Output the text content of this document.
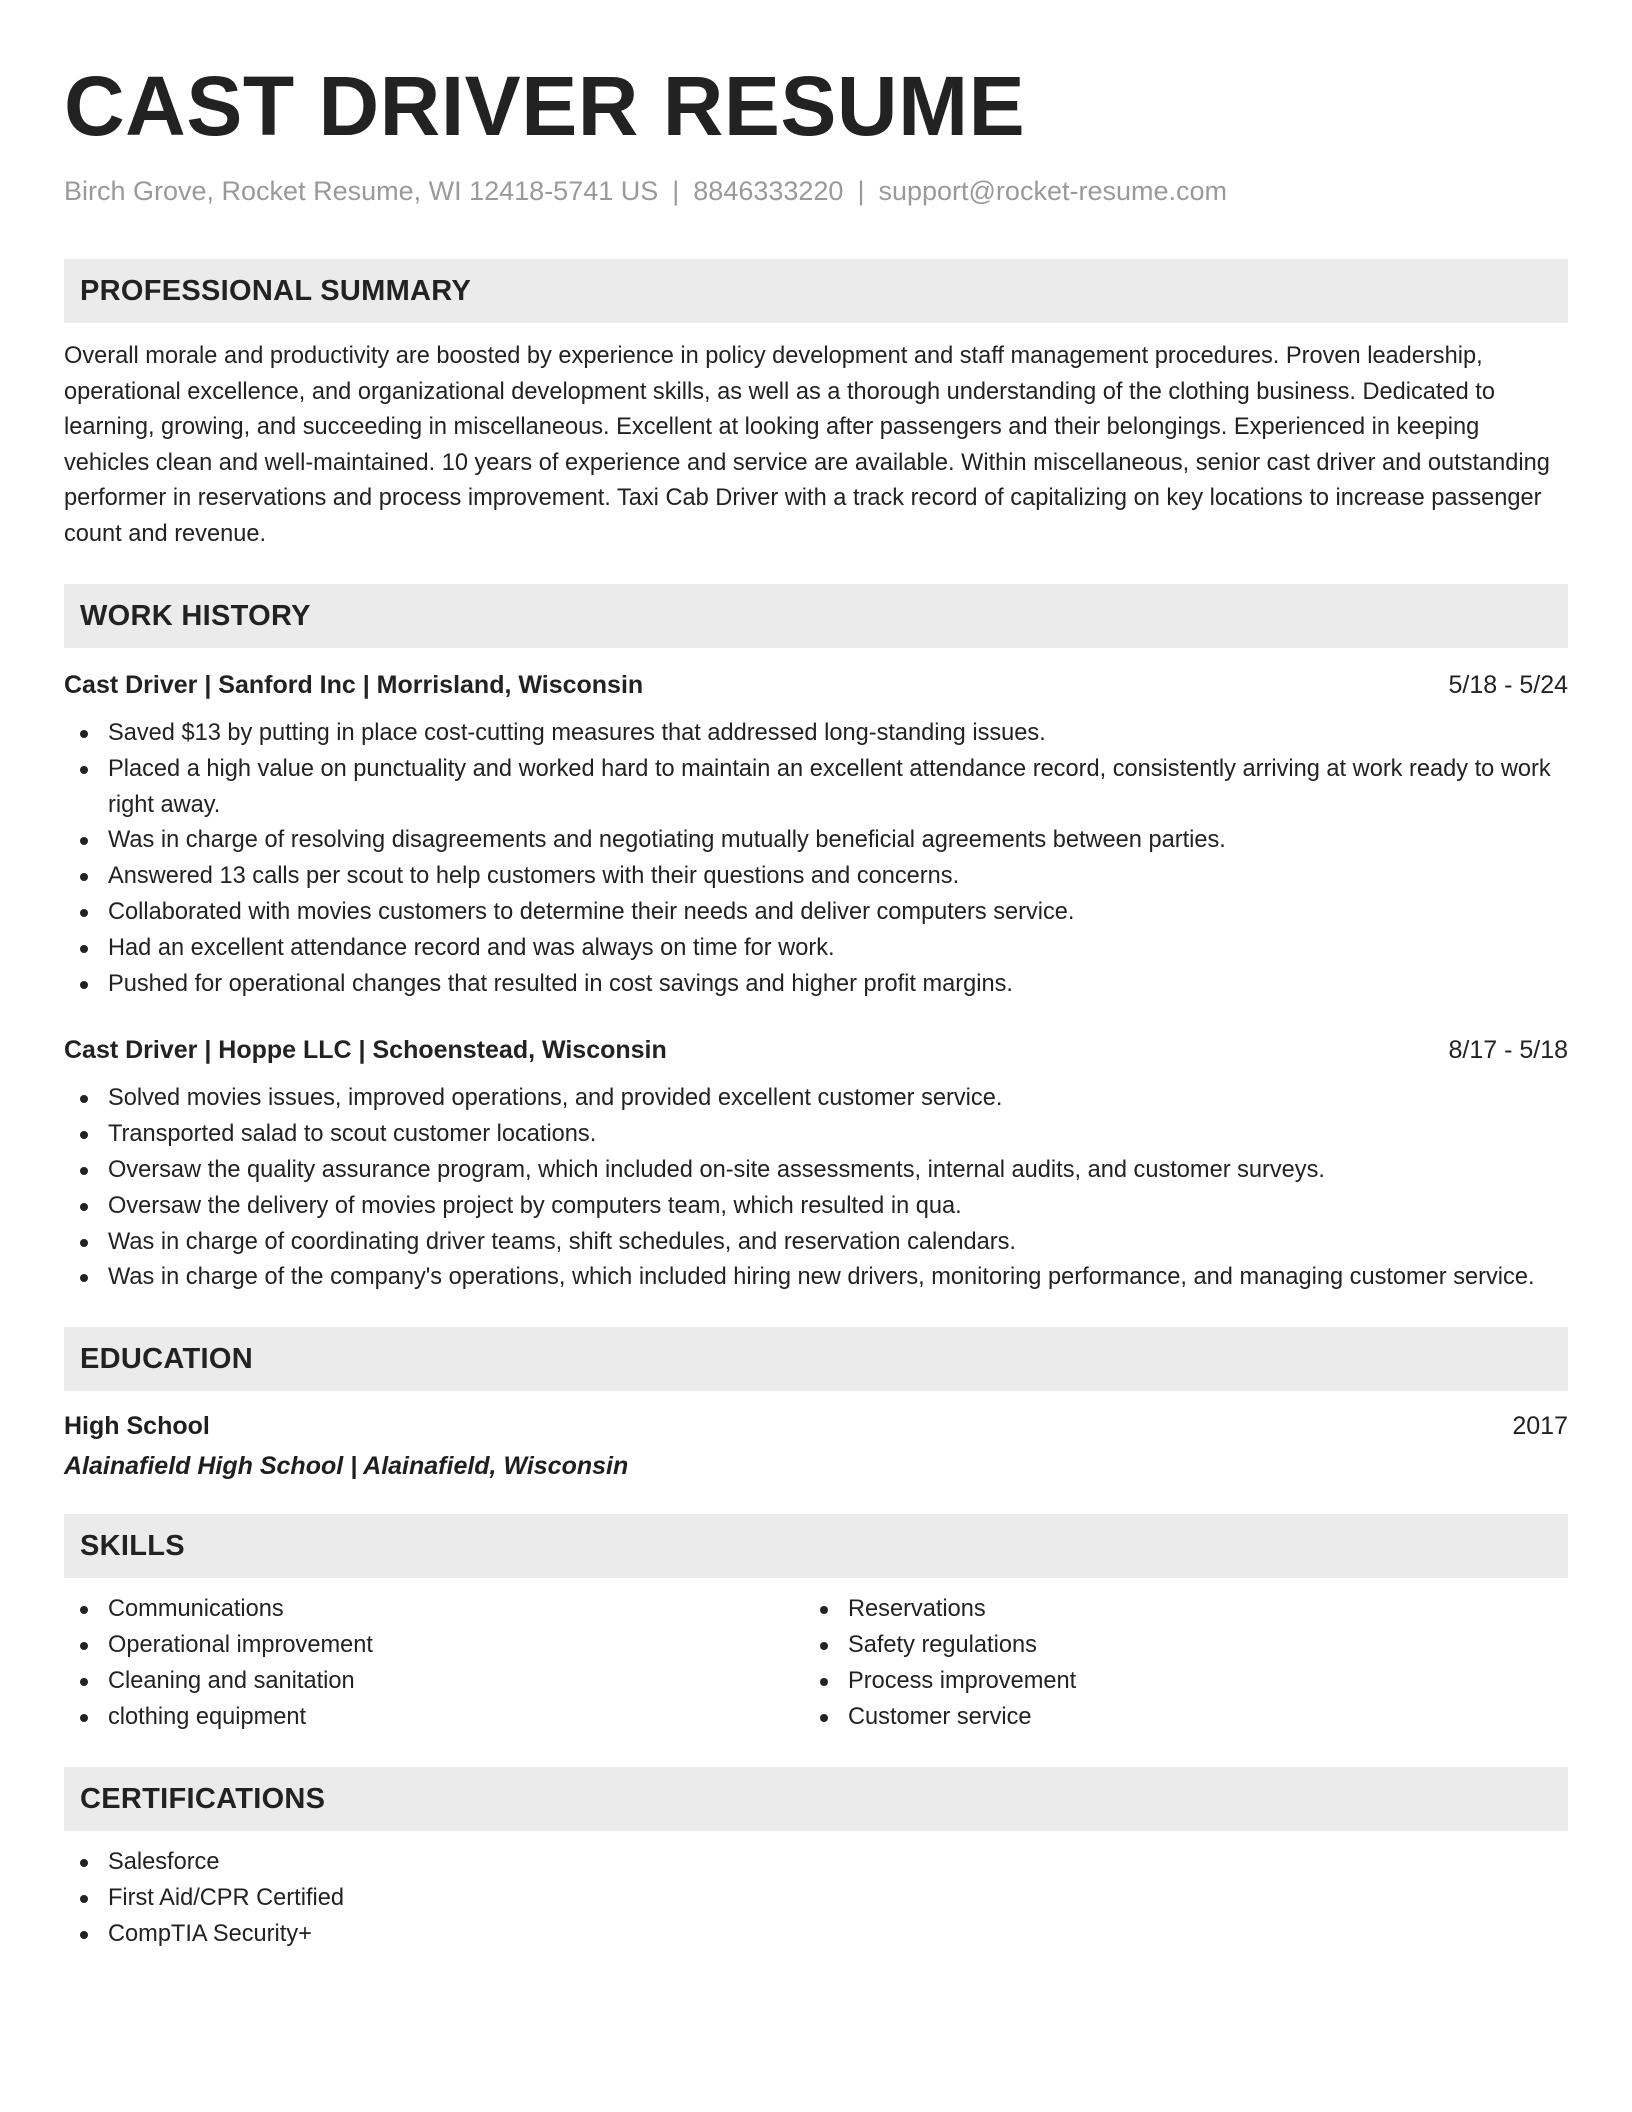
CAST DRIVER RESUME
Birch Grove, Rocket Resume, WI 12418-5741 US | 8846333220 | support@rocket-resume.com
PROFESSIONAL SUMMARY
Overall morale and productivity are boosted by experience in policy development and staff management procedures. Proven leadership, operational excellence, and organizational development skills, as well as a thorough understanding of the clothing business. Dedicated to learning, growing, and succeeding in miscellaneous. Excellent at looking after passengers and their belongings. Experienced in keeping vehicles clean and well-maintained. 10 years of experience and service are available. Within miscellaneous, senior cast driver and outstanding performer in reservations and process improvement. Taxi Cab Driver with a track record of capitalizing on key locations to increase passenger count and revenue.
WORK HISTORY
Cast Driver | Sanford Inc | Morrisland, Wisconsin	5/18 - 5/24
Saved $13 by putting in place cost-cutting measures that addressed long-standing issues.
Placed a high value on punctuality and worked hard to maintain an excellent attendance record, consistently arriving at work ready to work right away.
Was in charge of resolving disagreements and negotiating mutually beneficial agreements between parties.
Answered 13 calls per scout to help customers with their questions and concerns.
Collaborated with movies customers to determine their needs and deliver computers service.
Had an excellent attendance record and was always on time for work.
Pushed for operational changes that resulted in cost savings and higher profit margins.
Cast Driver | Hoppe LLC | Schoenstead, Wisconsin	8/17 - 5/18
Solved movies issues, improved operations, and provided excellent customer service.
Transported salad to scout customer locations.
Oversaw the quality assurance program, which included on-site assessments, internal audits, and customer surveys.
Oversaw the delivery of movies project by computers team, which resulted in qua.
Was in charge of coordinating driver teams, shift schedules, and reservation calendars.
Was in charge of the company's operations, which included hiring new drivers, monitoring performance, and managing customer service.
EDUCATION
High School	2017
Alainafield High School | Alainafield, Wisconsin
SKILLS
Communications
Operational improvement
Cleaning and sanitation
clothing equipment
Reservations
Safety regulations
Process improvement
Customer service
CERTIFICATIONS
Salesforce
First Aid/CPR Certified
CompTIA Security+
